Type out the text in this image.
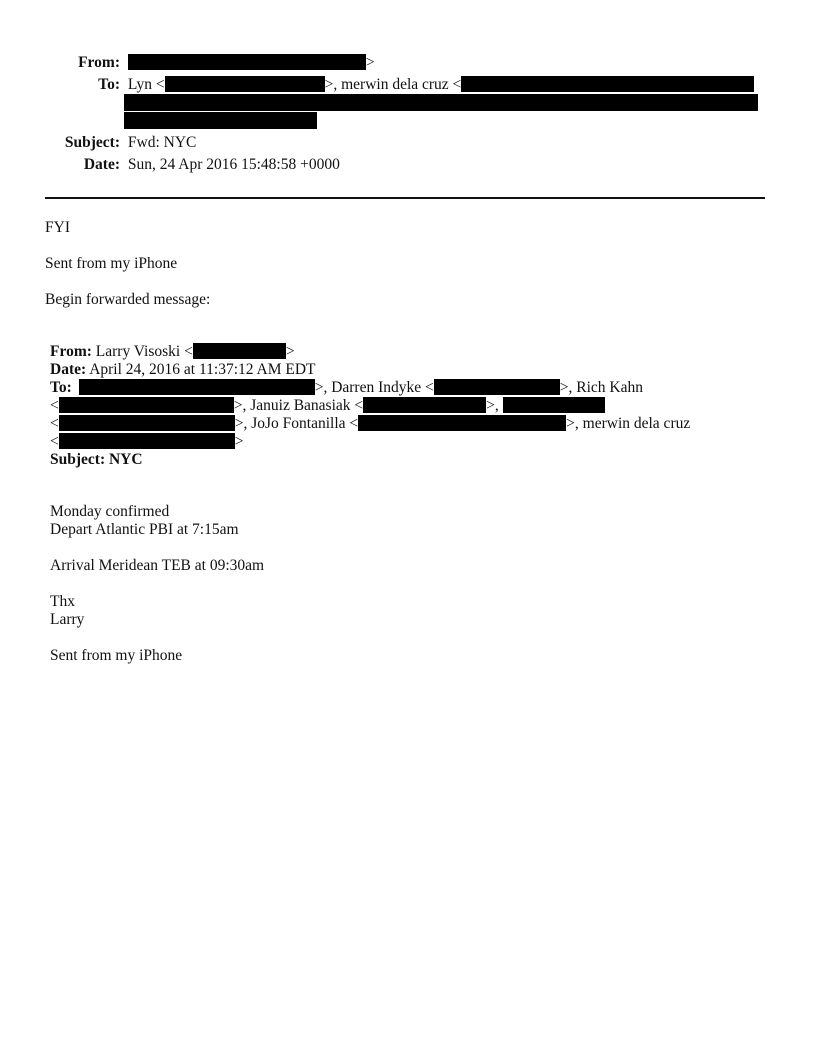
From:	>
To: Lyn <	>, merwin dela cruz <
Subject: Fwd: NYC
Date: Sun, 24 Apr 2016 15:48:58 +0000
FYI
Sent from my iPhone
Begin forwarded message:
From: Larry Visoski <	>
Date: April 24, 2016 at 11:37:12 AM EDT
To:	>, Darren Indyke <	>, Rich Kahn
<	>, Januiz Banasiak <	>,
<	>, JoJo Fontanilla <	>, merwin dela cruz
<	>
Subject: NYC
Monday confirmed
Depart Atlantic PBI at 7:15am
Arrival Meridean TEB at 09:30am
Thx
Larry
Sent from my iPhone
